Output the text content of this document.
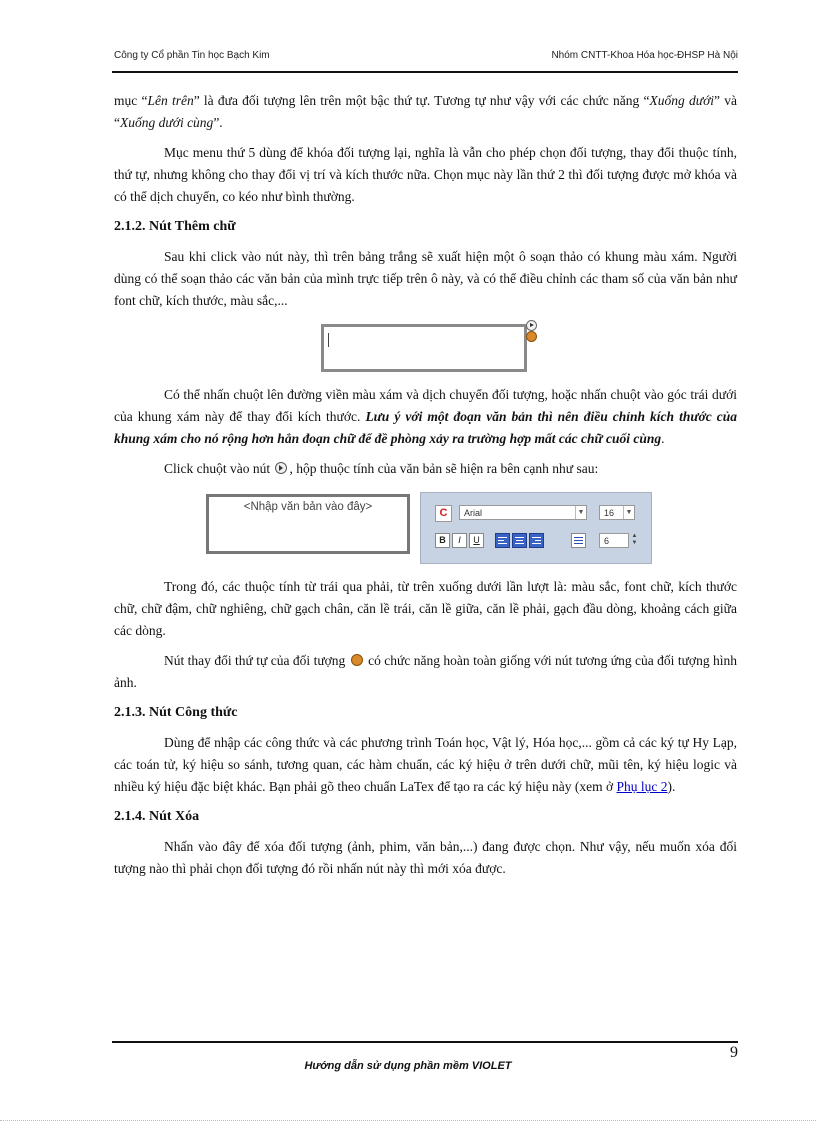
Công ty Cổ phần Tin học Bạch Kim	Nhóm CNTT-Khoa Hóa học-ĐHSP Hà Nội

mục “Lên trên” là đưa đối tượng lên trên một bậc thứ tự. Tương tự như vậy với các chức năng “Xuống dưới” và “Xuống dưới cùng”.

Mục menu thứ 5 dùng để khóa đối tượng lại, nghĩa là vẫn cho phép chọn đối tượng, thay đổi thuộc tính, thứ tự, nhưng không cho thay đổi vị trí và kích thước nữa. Chọn mục này lần thứ 2 thì đối tượng được mở khóa và có thể dịch chuyển, co kéo như bình thường.

2.1.2. Nút Thêm chữ

Sau khi click vào nút này, thì trên bảng trắng sẽ xuất hiện một ô soạn thảo có khung màu xám. Người dùng có thể soạn thảo các văn bản của mình trực tiếp trên ô này, và có thể điều chỉnh các tham số của văn bản như font chữ, kích thước, màu sắc,...

Có thể nhấn chuột lên đường viền màu xám và dịch chuyển đối tượng, hoặc nhấn chuột vào góc trái dưới của khung xám này để thay đổi kích thước. Lưu ý với một đoạn văn bản thì nên điều chỉnh kích thước của khung xám cho nó rộng hơn hẳn đoạn chữ để đề phòng xảy ra trường hợp mất các chữ cuối cùng.

Click chuột vào nút , hộp thuộc tính của văn bản sẽ hiện ra bên cạnh như sau:

<Nhập văn bản vào đây>	C	Arial	▼	16	▼
B	I	U	6	▲
▼

Trong đó, các thuộc tính từ trái qua phải, từ trên xuống dưới lần lượt là: màu sắc, font chữ, kích thước chữ, chữ đậm, chữ nghiêng, chữ gạch chân, căn lề trái, căn lề giữa, căn lề phải, gạch đầu dòng, khoảng cách giữa các dòng.

Nút thay đổi thứ tự của đối tượng  có chức năng hoàn toàn giống với nút tương ứng của đối tượng hình ảnh.

2.1.3. Nút Công thức

Dùng để nhập các công thức và các phương trình Toán học, Vật lý, Hóa học,... gồm cả các ký tự Hy Lạp, các toán tử, ký hiệu so sánh, tương quan, các hàm chuẩn, các ký hiệu ở trên dưới chữ, mũi tên, ký hiệu logic và nhiều ký hiệu đặc biệt khác. Bạn phải gõ theo chuẩn LaTex để tạo ra các ký hiệu này (xem ở Phụ lục 2).

2.1.4. Nút Xóa

Nhấn vào đây để xóa đối tượng (ảnh, phim, văn bản,...) đang được chọn. Như vậy, nếu muốn xóa đối tượng nào thì phải chọn đối tượng đó rồi nhấn nút này thì mới xóa được.

9
Hướng dẫn sử dụng phần mềm VIOLET
